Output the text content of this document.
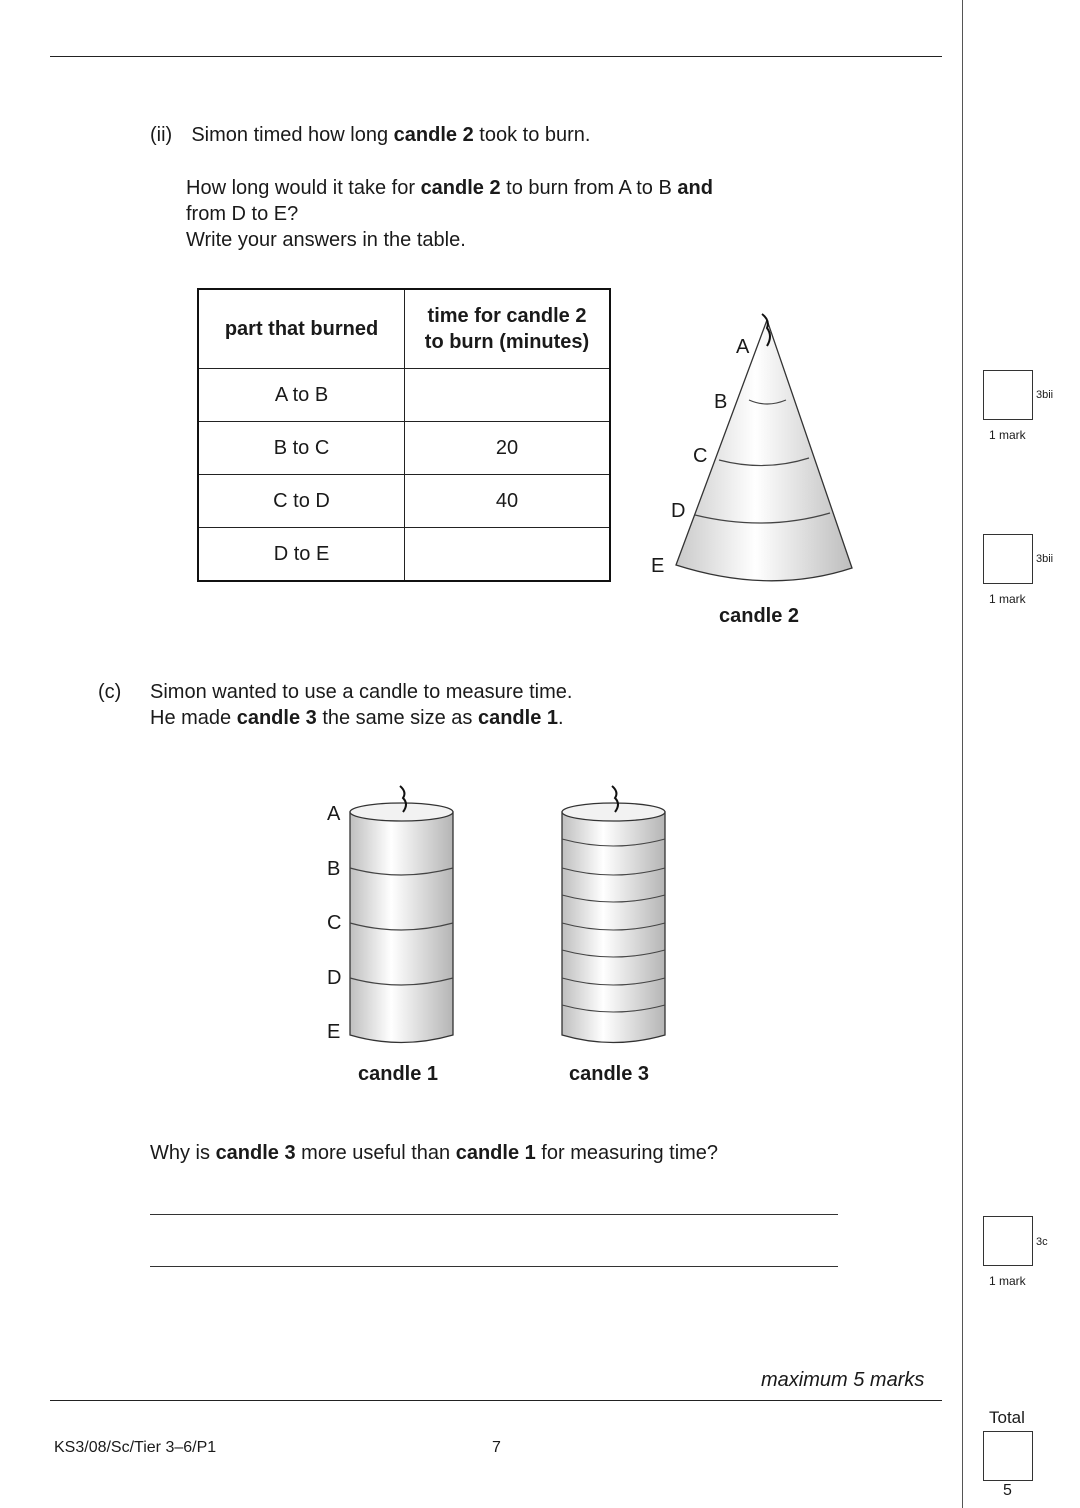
(ii) Simon timed how long candle 2 took to burn.
How long would it take for candle 2 to burn from A to B and
from D to E?
Write your answers in the table.
part that burned	time for candle 2
to burn (minutes)
A to B	
B to C	20
C to D	40
D to E	
A
B
C
D
E
candle 2
(c) Simon wanted to use a candle to measure time.
He made candle 3 the same size as candle 1.
A
B
C
D
E
candle 1	candle 3
Why is candle 3 more useful than candle 1 for measuring time?
3bii
1 mark
3bii
1 mark
3c
1 mark
maximum 5 marks
Total
5
KS3/08/Sc/Tier 3–6/P1	7
